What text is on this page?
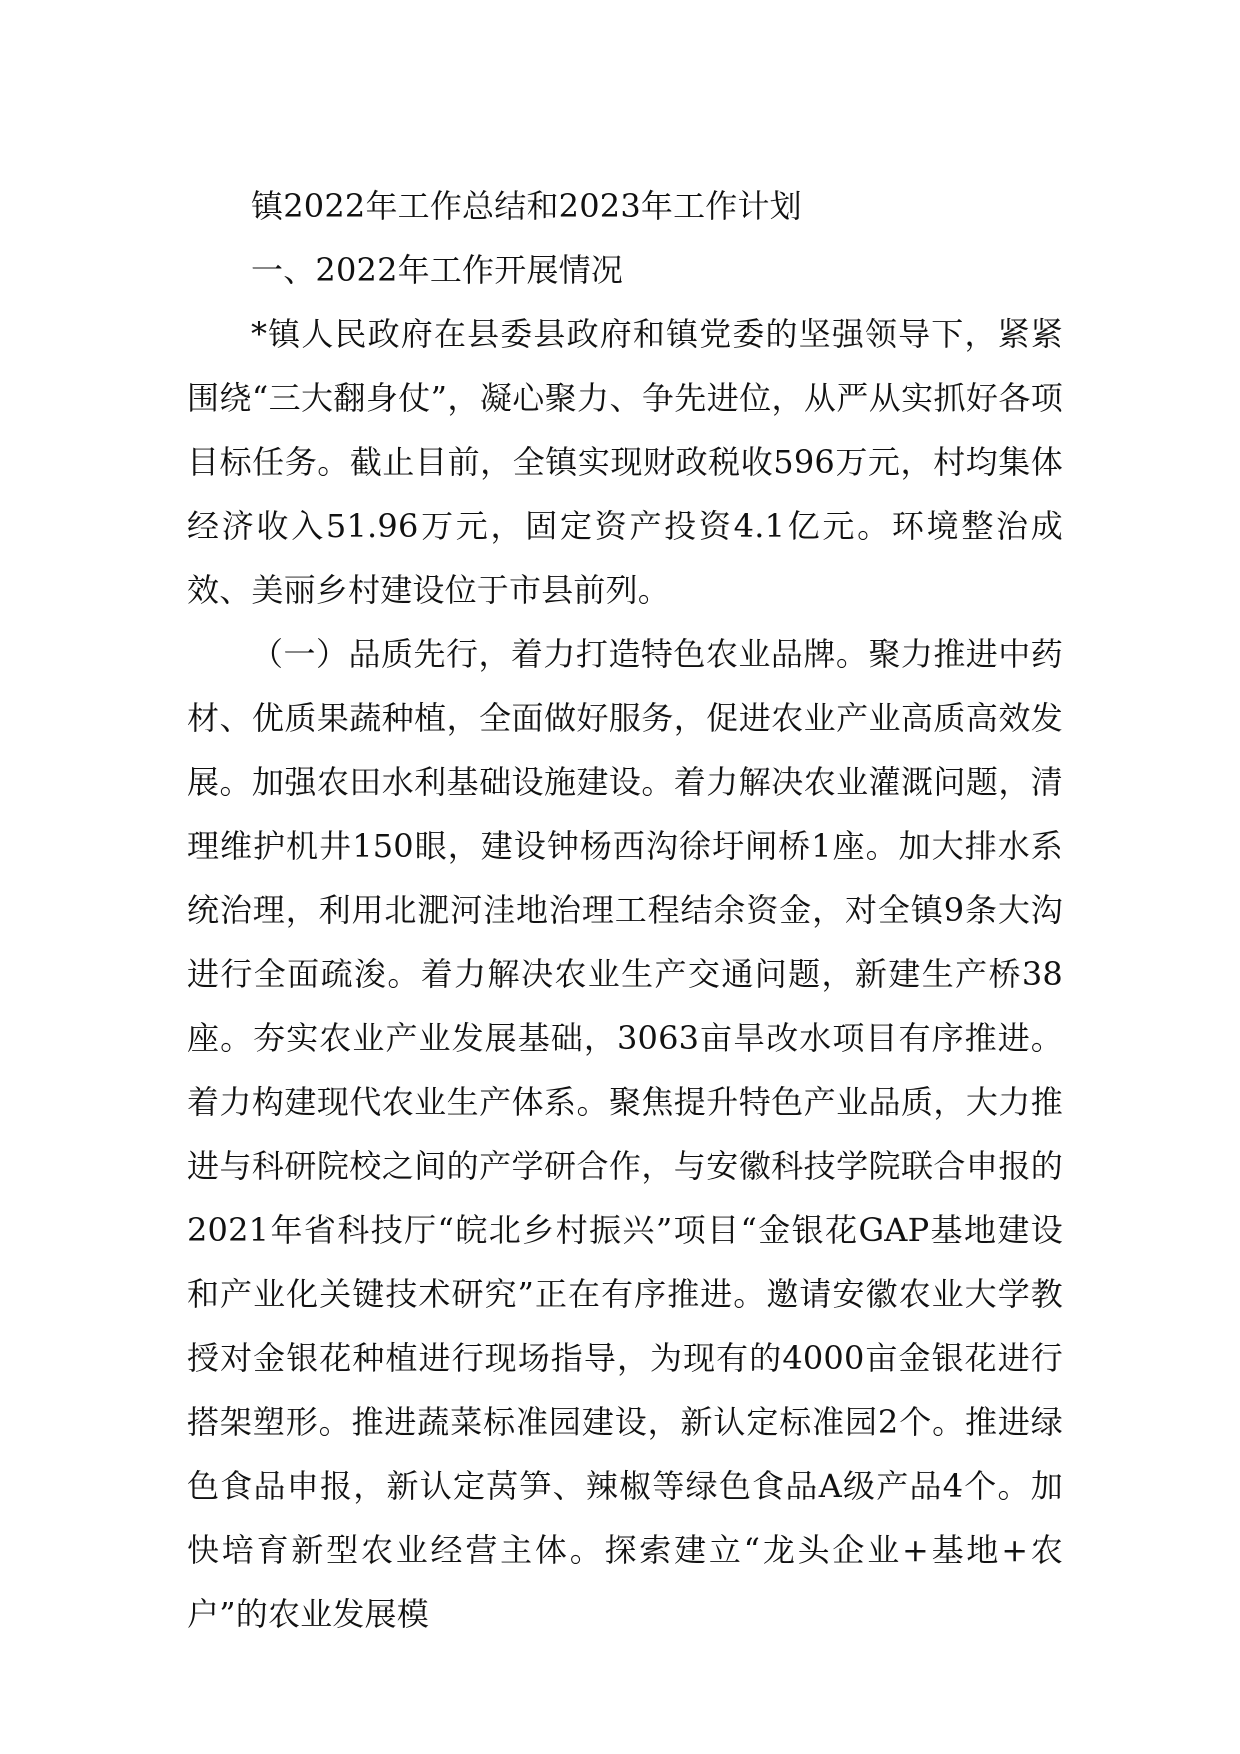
镇2022年工作总结和2023年工作计划

一、2022年工作开展情况

*镇人民政府在县委县政府和镇党委的坚强领导下，紧紧围绕“三大翻身仗”，凝心聚力、争先进位，从严从实抓好各项目标任务。截止目前，全镇实现财政税收596万元，村均集体经济收入51.96万元，固定资产投资4.1亿元。环境整治成效、美丽乡村建设位于市县前列。

（一）品质先行，着力打造特色农业品牌。聚力推进中药材、优质果蔬种植，全面做好服务，促进农业产业高质高效发展。加强农田水利基础设施建设。着力解决农业灌溉问题，清理维护机井150眼，建设钟杨西沟徐圩闸桥1座。加大排水系统治理，利用北淝河洼地治理工程结余资金，对全镇9条大沟进行全面疏浚。着力解决农业生产交通问题，新建生产桥38座。夯实农业产业发展基础，3063亩旱改水项目有序推进。着力构建现代农业生产体系。聚焦提升特色产业品质，大力推进与科研院校之间的产学研合作，与安徽科技学院联合申报的2021年省科技厅“皖北乡村振兴”项目“金银花GAP基地建设和产业化关键技术研究”正在有序推进。邀请安徽农业大学教授对金银花种植进行现场指导，为现有的4000亩金银花进行搭架塑形。推进蔬菜标准园建设，新认定标准园2个。推进绿色食品申报，新认定莴笋、辣椒等绿色食品A级产品4个。加快培育新型农业经营主体。探索建立“龙头企业+基地+农户”的农业发展模
